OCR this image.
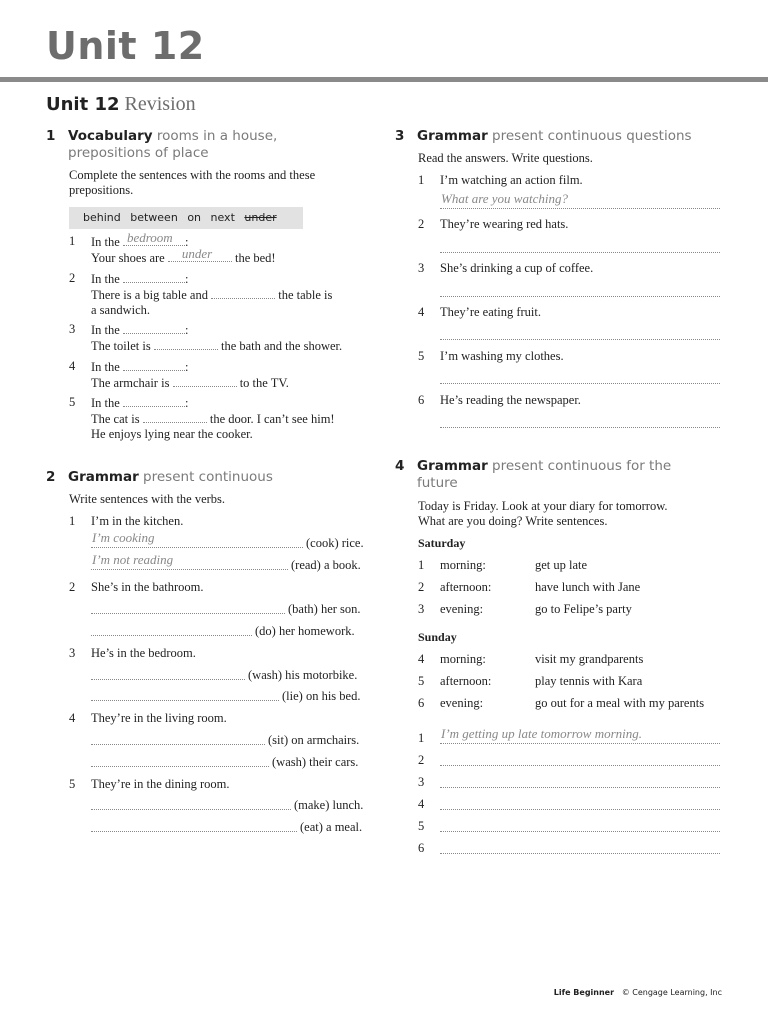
Unit 12
Unit 12 Revision
1 Vocabulary rooms in a house,
prepositions of place
Complete the sentences with the rooms and these
prepositions.
behind between on next under
1 In the bedroom :
Your shoes are under the bed!
2 In the	:
There is a big table and	the table is
a sandwich.
3 In the	:
The toilet is	the bath and the shower.
4 In the	:
The armchair is	to the TV.
5 In the	:
The cat is	the door. I can’t see him!
He enjoys lying near the cooker.
2 Grammar present continuous
Write sentences with the verbs.
1 I’m in the kitchen.
I’m cooking	(cook) rice.
I’m not reading	(read) a book.
2 She’s in the bathroom.
(bath) her son.
(do) her homework.
3 He’s in the bedroom.
(wash) his motorbike.
(lie) on his bed.
4 They’re in the living room.
(sit) on armchairs.
(wash) their cars.
5 They’re in the dining room.
(make) lunch.
(eat) a meal.
3 Grammar present continuous questions
Read the answers. Write questions.
1 I’m watching an action film.
What are you watching?
2 They’re wearing red hats.
3 She’s drinking a cup of coffee.
4 They’re eating fruit.
5 I’m washing my clothes.
6 He’s reading the newspaper.
4 Grammar present continuous for the
future
Today is Friday. Look at your diary for tomorrow.
What are you doing? Write sentences.
Saturday
1 morning:	get up late
2 afternoon:	have lunch with Jane
3 evening:	go to Felipe’s party
Sunday
4 morning:	visit my grandparents
5 afternoon:	play tennis with Kara
6 evening:	go out for a meal with my parents
1 I’m getting up late tomorrow morning.
2
3
4
5
6
Life Beginner © Cengage Learning, Inc
